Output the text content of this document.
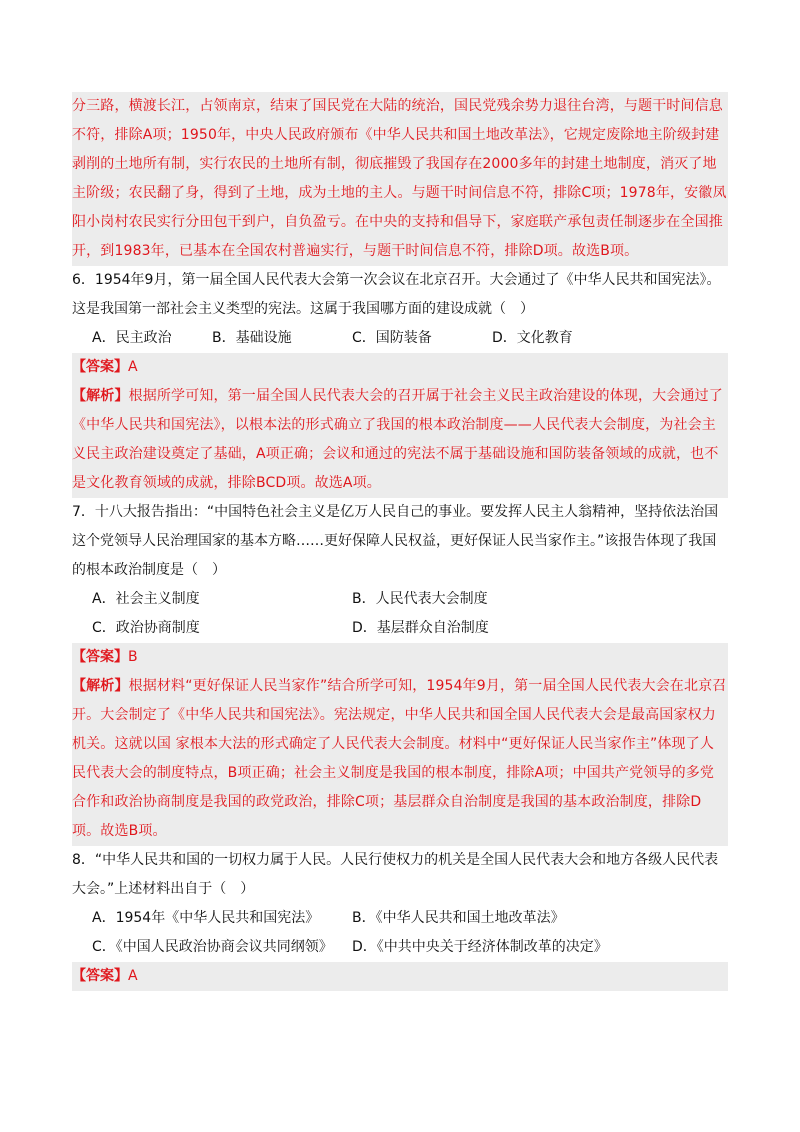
分三路，横渡长江，占领南京，结束了国民党在大陆的统治，国民党残余势力退往台湾，与题干时间信息不符，排除A项；1950年，中央人民政府颁布《中华人民共和国土地改革法》，它规定废除地主阶级封建剥削的土地所有制，实行农民的土地所有制，彻底摧毁了我国存在2000多年的封建土地制度，消灭了地主阶级；农民翻了身，得到了土地，成为土地的主人。与题干时间信息不符，排除C项；1978年，安徽凤阳小岗村农民实行分田包干到户，自负盈亏。在中央的支持和倡导下，家庭联产承包责任制逐步在全国推开，到1983年，已基本在全国农村普遍实行，与题干时间信息不符，排除D项。故选B项。

6．1954年9月，第一届全国人民代表大会第一次会议在北京召开。大会通过了《中华人民共和国宪法》。这是我国第一部社会主义类型的宪法。这属于我国哪方面的建设成就（　）

A．民主政治	B．基础设施	C．国防装备	D．文化教育
【答案】A

【解析】根据所学可知，第一届全国人民代表大会的召开属于社会主义民主政治建设的体现，大会通过了《中华人民共和国宪法》，以根本法的形式确立了我国的根本政治制度——人民代表大会制度，为社会主义民主政治建设奠定了基础，A项正确；会议和通过的宪法不属于基础设施和国防装备领域的成就，也不是文化教育领域的成就，排除BCD项。故选A项。

7．十八大报告指出：“中国特色社会主义是亿万人民自己的事业。要发挥人民主人翁精神，坚持依法治国这个党领导人民治理国家的基本方略……更好保障人民权益，更好保证人民当家作主。”该报告体现了我国的根本政治制度是（　）

A．社会主义制度	B．人民代表大会制度
C．政治协商制度	D．基层群众自治制度
【答案】B

【解析】根据材料“更好保证人民当家作”结合所学可知，1954年9月，第一届全国人民代表大会在北京召开。大会制定了《中华人民共和国宪法》。宪法规定，中华人民共和国全国人民代表大会是最高国家权力机关。这就以国 家根本大法的形式确定了人民代表大会制度。材料中“更好保证人民当家作主”体现了人民代表大会的制度特点，B项正确；社会主义制度是我国的根本制度，排除A项；中国共产党领导的多党合作和政治协商制度是我国的政党政治，排除C项；基层群众自治制度是我国的基本政治制度，排除D项。故选B项。

8．“中华人民共和国的一切权力属于人民。人民行使权力的机关是全国人民代表大会和地方各级人民代表大会。”上述材料出自于（　）

A．1954年《中华人民共和国宪法》	B．《中华人民共和国土地改革法》
C．《中国人民政治协商会议共同纲领》	D．《中共中央关于经济体制改革的决定》
【答案】A
